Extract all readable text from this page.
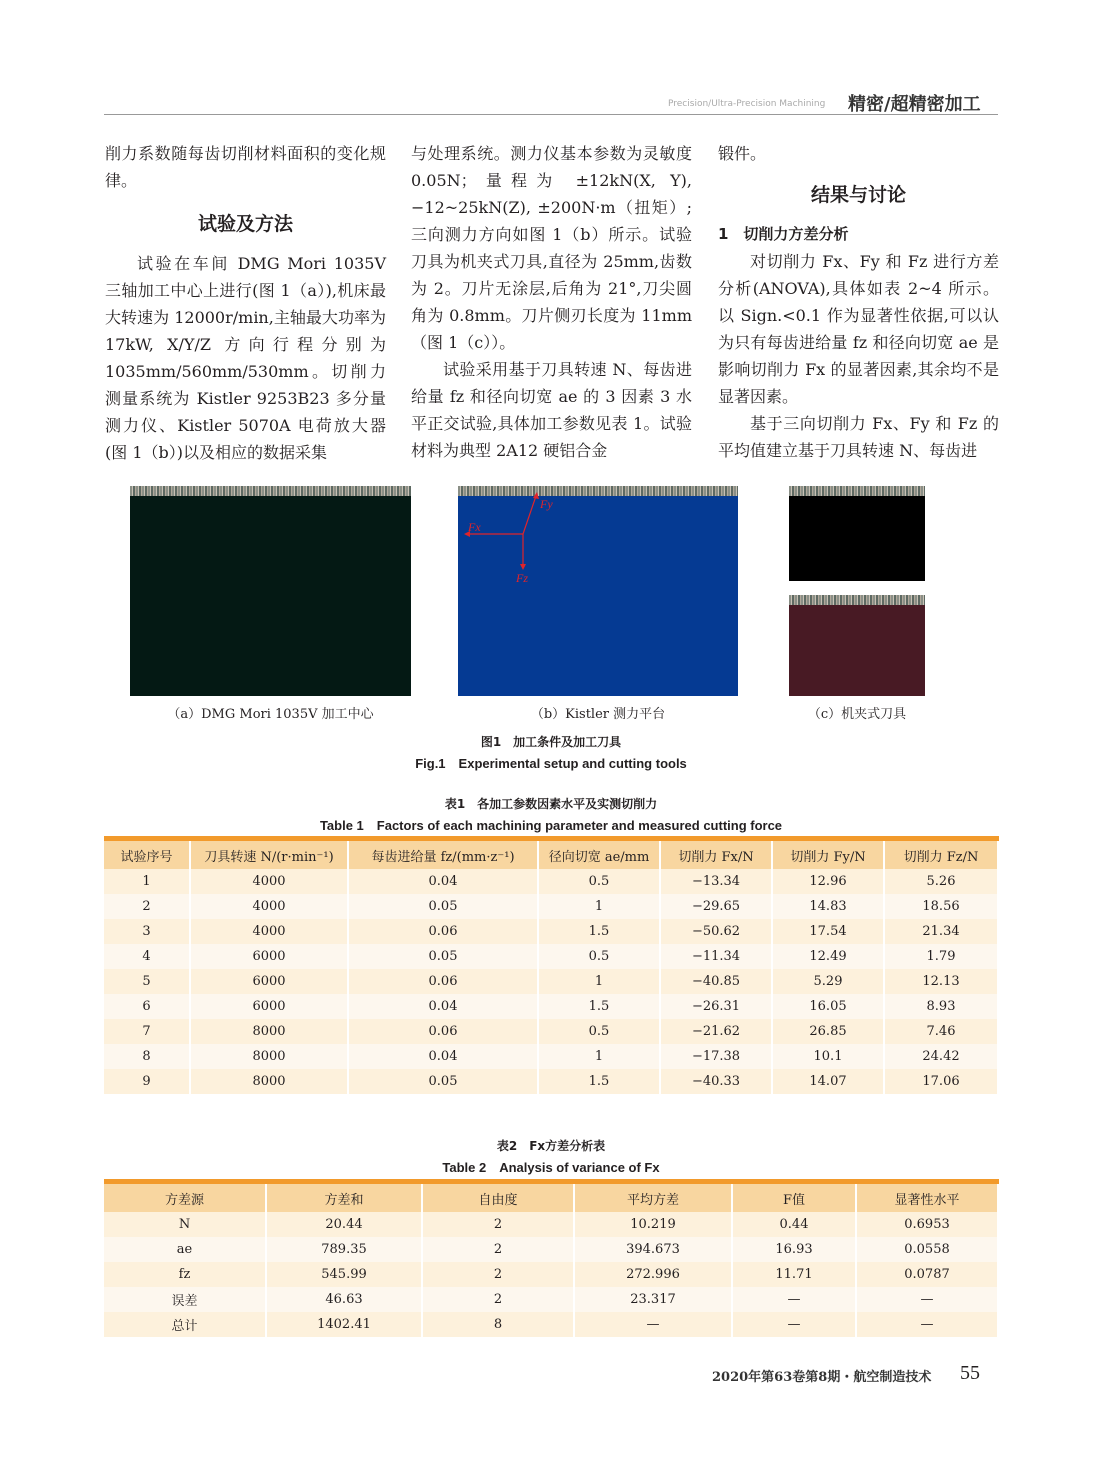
Precision/Ultra-Precision Machining 精密/超精密加工

削力系数随每齿切削材料面积的变化规律。

试验及方法

试验在车间 DMG Mori 1035V 三轴加工中心上进行(图 1（a）),机床最大转速为 12000r/min,主轴最大功率为 17kW, X/Y/Z 方向行程分别为 1035mm/560mm/530mm。切削力测量系统为 Kistler 9253B23 多分量测力仪、Kistler 5070A 电荷放大器(图 1（b）)以及相应的数据采集

与处理系统。测力仪基本参数为灵敏度 0.05N；量程为 ±12kN(X, Y), −12~25kN(Z), ±200N·m（扭矩）; 三向测力方向如图 1（b）所示。试验刀具为机夹式刀具,直径为 25mm,齿数为 2。刀片无涂层,后角为 21°,刀尖圆角为 0.8mm。刀片侧刃长度为 11mm（图 1（c））。

试验采用基于刀具转速 N、每齿进给量 fz 和径向切宽 ae 的 3 因素 3 水平正交试验,具体加工参数见表 1。试验材料为典型 2A12 硬铝合金

锻件。

结果与讨论

1　切削力方差分析

对切削力 Fx、Fy 和 Fz 进行方差分析(ANOVA),具体如表 2~4 所示。以 Sign.<0.1 作为显著性依据,可以认为只有每齿进给量 fz 和径向切宽 ae 是影响切削力 Fx 的显著因素,其余均不是显著因素。

基于三向切削力 Fx、Fy 和 Fz 的平均值建立基于刀具转速 N、每齿进

Fx
Fz
Fy
（a）DMG Mori 1035V 加工中心	（b）Kistler 测力平台	（c）机夹式刀具
图1　加工条件及加工刀具
Fig.1　Experimental setup and cutting tools
表1　各加工参数因素水平及实测切削力
Table 1　Factors of each machining parameter and measured cutting force
试验序号	刀具转速 N/(r·min⁻¹)	每齿进给量 fz/(mm·z⁻¹)	径向切宽 ae/mm	切削力 Fx/N	切削力 Fy/N	切削力 Fz/N
1	4000	0.04	0.5	−13.34	12.96	5.26
2	4000	0.05	1	−29.65	14.83	18.56
3	4000	0.06	1.5	−50.62	17.54	21.34
4	6000	0.05	0.5	−11.34	12.49	1.79
5	6000	0.06	1	−40.85	5.29	12.13
6	6000	0.04	1.5	−26.31	16.05	8.93
7	8000	0.06	0.5	−21.62	26.85	7.46
8	8000	0.04	1	−17.38	10.1	24.42
9	8000	0.05	1.5	−40.33	14.07	17.06
表2　Fx方差分析表
Table 2　Analysis of variance of Fx
方差源	方差和	自由度	平均方差	F值	显著性水平
N	20.44	2	10.219	0.44	0.6953
ae	789.35	2	394.673	16.93	0.0558
fz	545.99	2	272.996	11.71	0.0787
误差	46.63	2	23.317	—	—
总计	1402.41	8	—	—	—
2020年第63卷第8期・航空制造技术 55
